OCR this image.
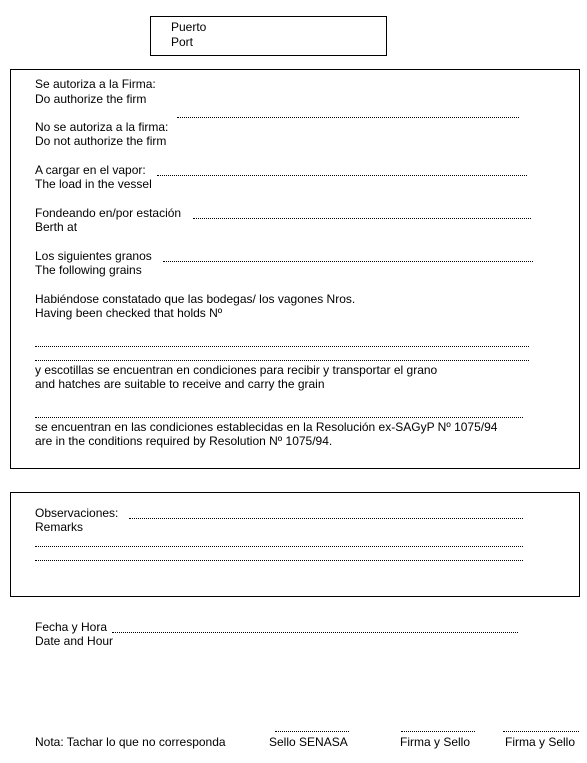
Puerto
Port
Se autoriza a la Firma:
Do authorize the firm
No se autoriza a la firma:
Do not authorize the firm
A cargar en el vapor:
The load in the vessel
Fondeando en/por estación
Berth at
Los siguientes granos
The following grains
Habiéndose constatado que las bodegas/ los vagones Nros.
Having been checked that holds Nº
y escotillas se encuentran en condiciones para recibir y transportar el grano
and hatches are suitable to receive and carry the grain
se encuentran en las condiciones establecidas en la Resolución ex-SAGyP Nº 1075/94
are in the conditions required by Resolution Nº 1075/94.
Observaciones:
Remarks
Fecha y Hora
Date and Hour
Nota: Tachar lo que no corresponda	Sello SENASA	Firma y Sello	Firma y Sello
